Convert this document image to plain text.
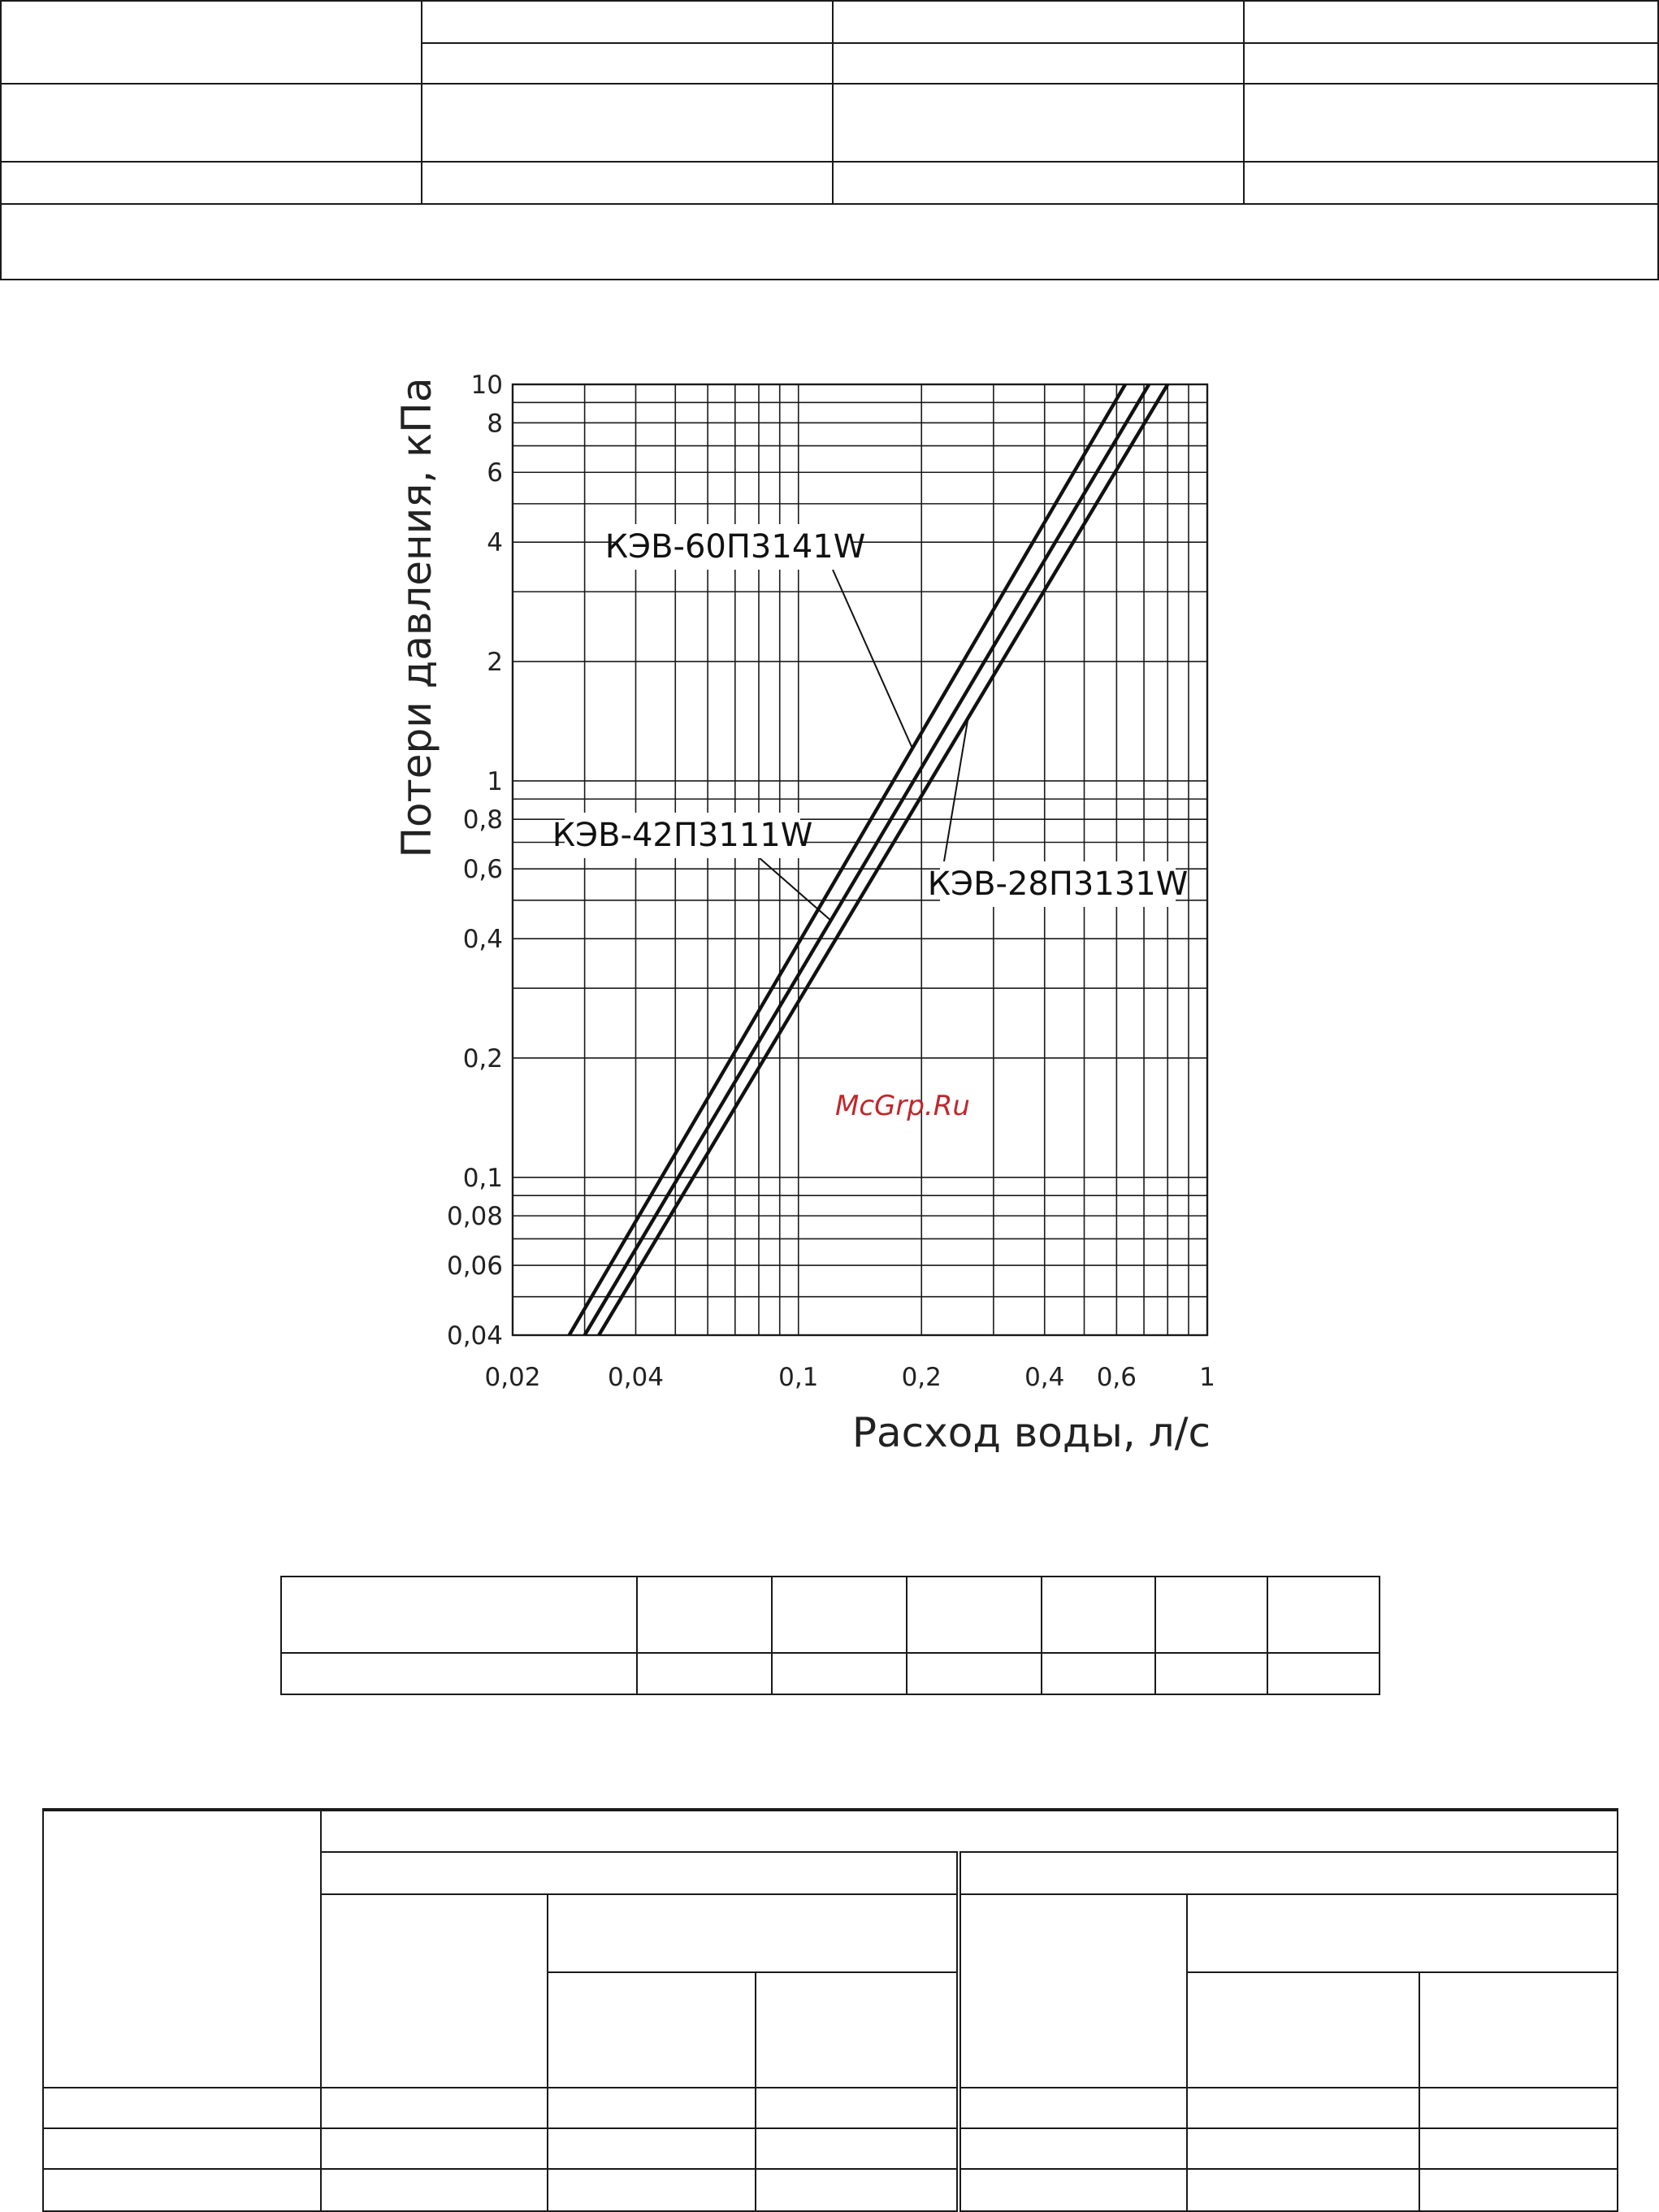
КЭВ-60П3141W
КЭВ-42П3111W
КЭВ-28П3131W
0,02	0,04	0,1	0,2	0,4 0,6 1
10
8
6
4
2
1
0,8
0,6
0,4
0,2
0,1
0,08
0,06
0,04
Потери давления, кПа
Расход воды, л/с
McGrp.Ru
